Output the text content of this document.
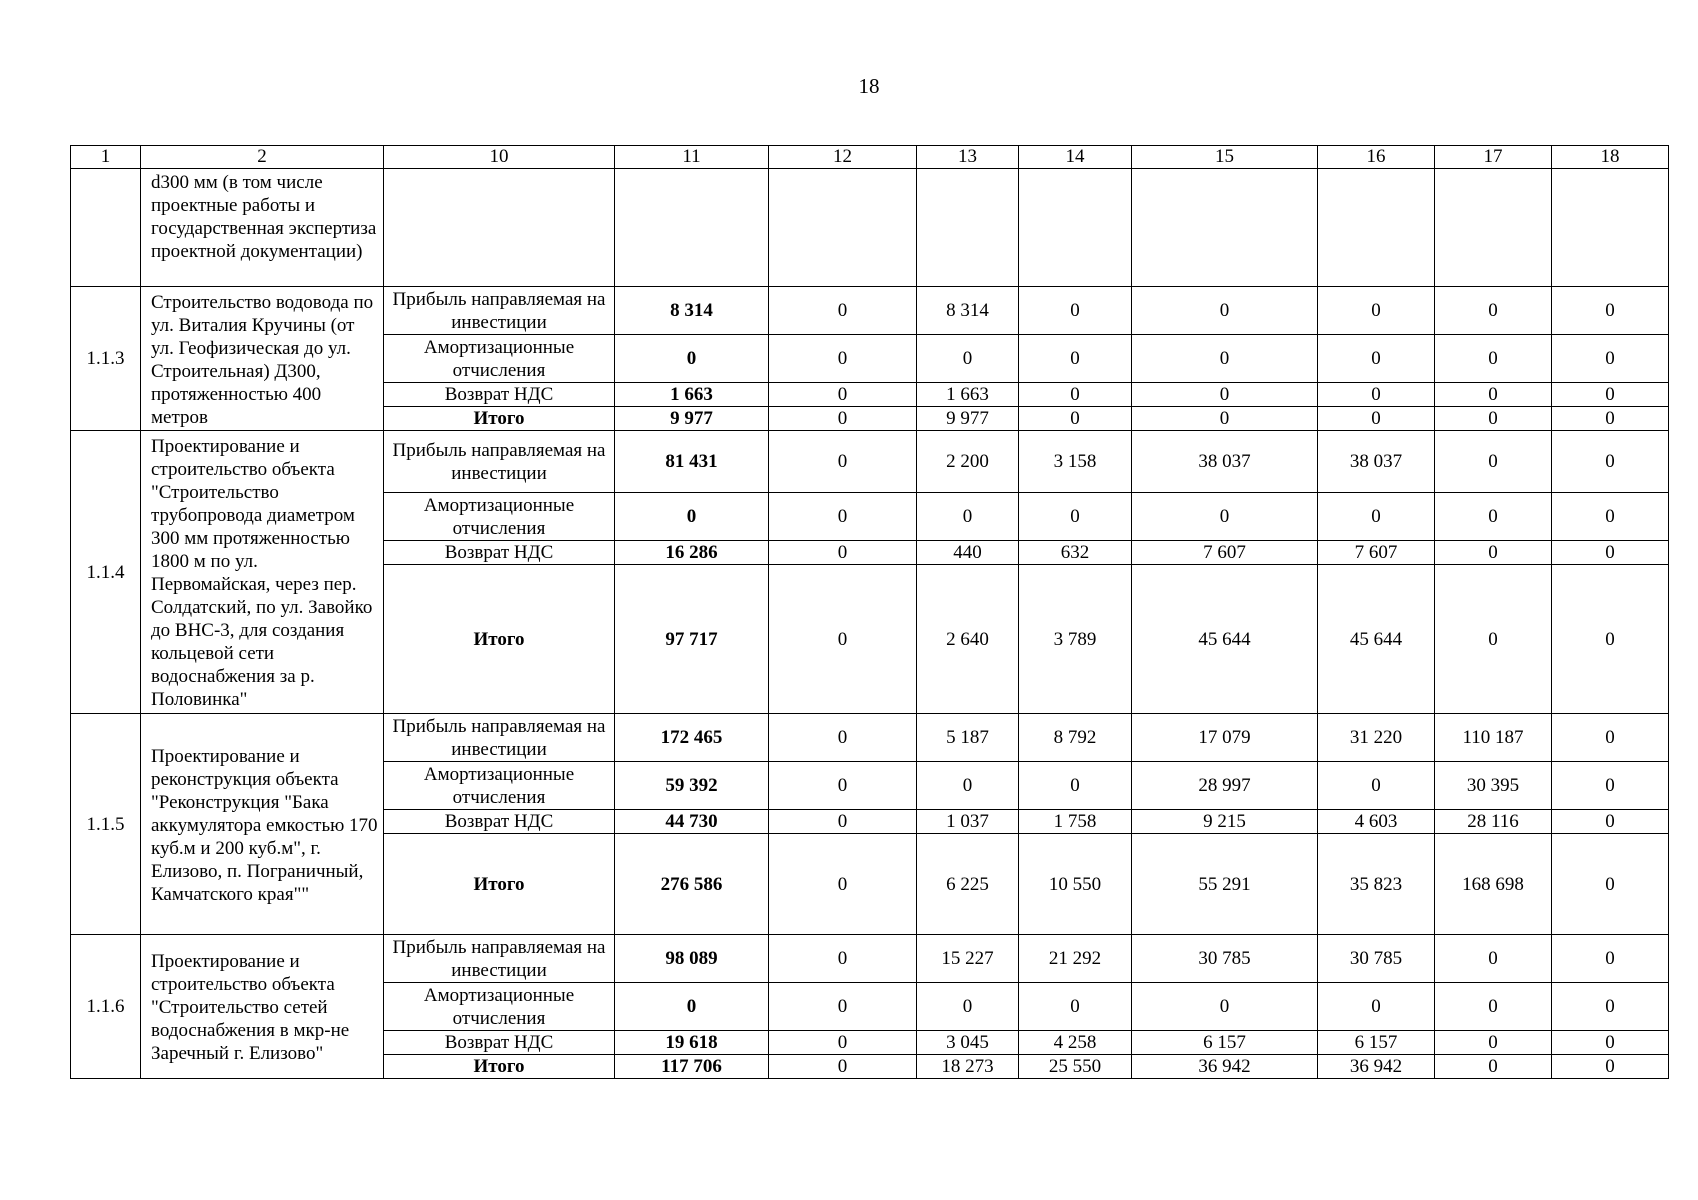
18
1	2	10	11	12	13	14	15	16	17	18
	d300 мм (в том числе проектные работы и государственная экспертиза проектной документации)									
1.1.3	Строительство водовода по ул. Виталия Кручины (от ул. Геофизическая до ул. Строительная) Д300, протяженностью 400 метров	Прибыль направляемая на инвестиции	8 314	0	8 314	0	0	0	0	0
		Амортизационные отчисления	0	0	0	0	0	0	0	0
		Возврат НДС	1 663	0	1 663	0	0	0	0	0
		Итого	9 977	0	9 977	0	0	0	0	0
1.1.4	Проектирование и строительство объекта "Строительство трубопровода диаметром 300 мм протяженностью 1800 м по ул. Первомайская, через пер. Солдатский, по ул. Завойко до ВНС-3, для создания кольцевой сети водоснабжения за р. Половинка"	Прибыль направляемая на инвестиции	81 431	0	2 200	3 158	38 037	38 037	0	0
		Амортизационные отчисления	0	0	0	0	0	0	0	0
		Возврат НДС	16 286	0	440	632	7 607	7 607	0	0
		Итого	97 717	0	2 640	3 789	45 644	45 644	0	0
1.1.5	Проектирование и реконструкция объекта "Реконструкция "Бака аккумулятора емкостью 170 куб.м и 200 куб.м", г. Елизово, п. Пограничный, Камчатского края""	Прибыль направляемая на инвестиции	172 465	0	5 187	8 792	17 079	31 220	110 187	0
		Амортизационные отчисления	59 392	0	0	0	28 997	0	30 395	0
		Возврат НДС	44 730	0	1 037	1 758	9 215	4 603	28 116	0
		Итого	276 586	0	6 225	10 550	55 291	35 823	168 698	0
1.1.6	Проектирование и строительство объекта "Строительство сетей водоснабжения в мкр-не Заречный г. Елизово"	Прибыль направляемая на инвестиции	98 089	0	15 227	21 292	30 785	30 785	0	0
		Амортизационные отчисления	0	0	0	0	0	0	0	0
		Возврат НДС	19 618	0	3 045	4 258	6 157	6 157	0	0
		Итого	117 706	0	18 273	25 550	36 942	36 942	0	0
